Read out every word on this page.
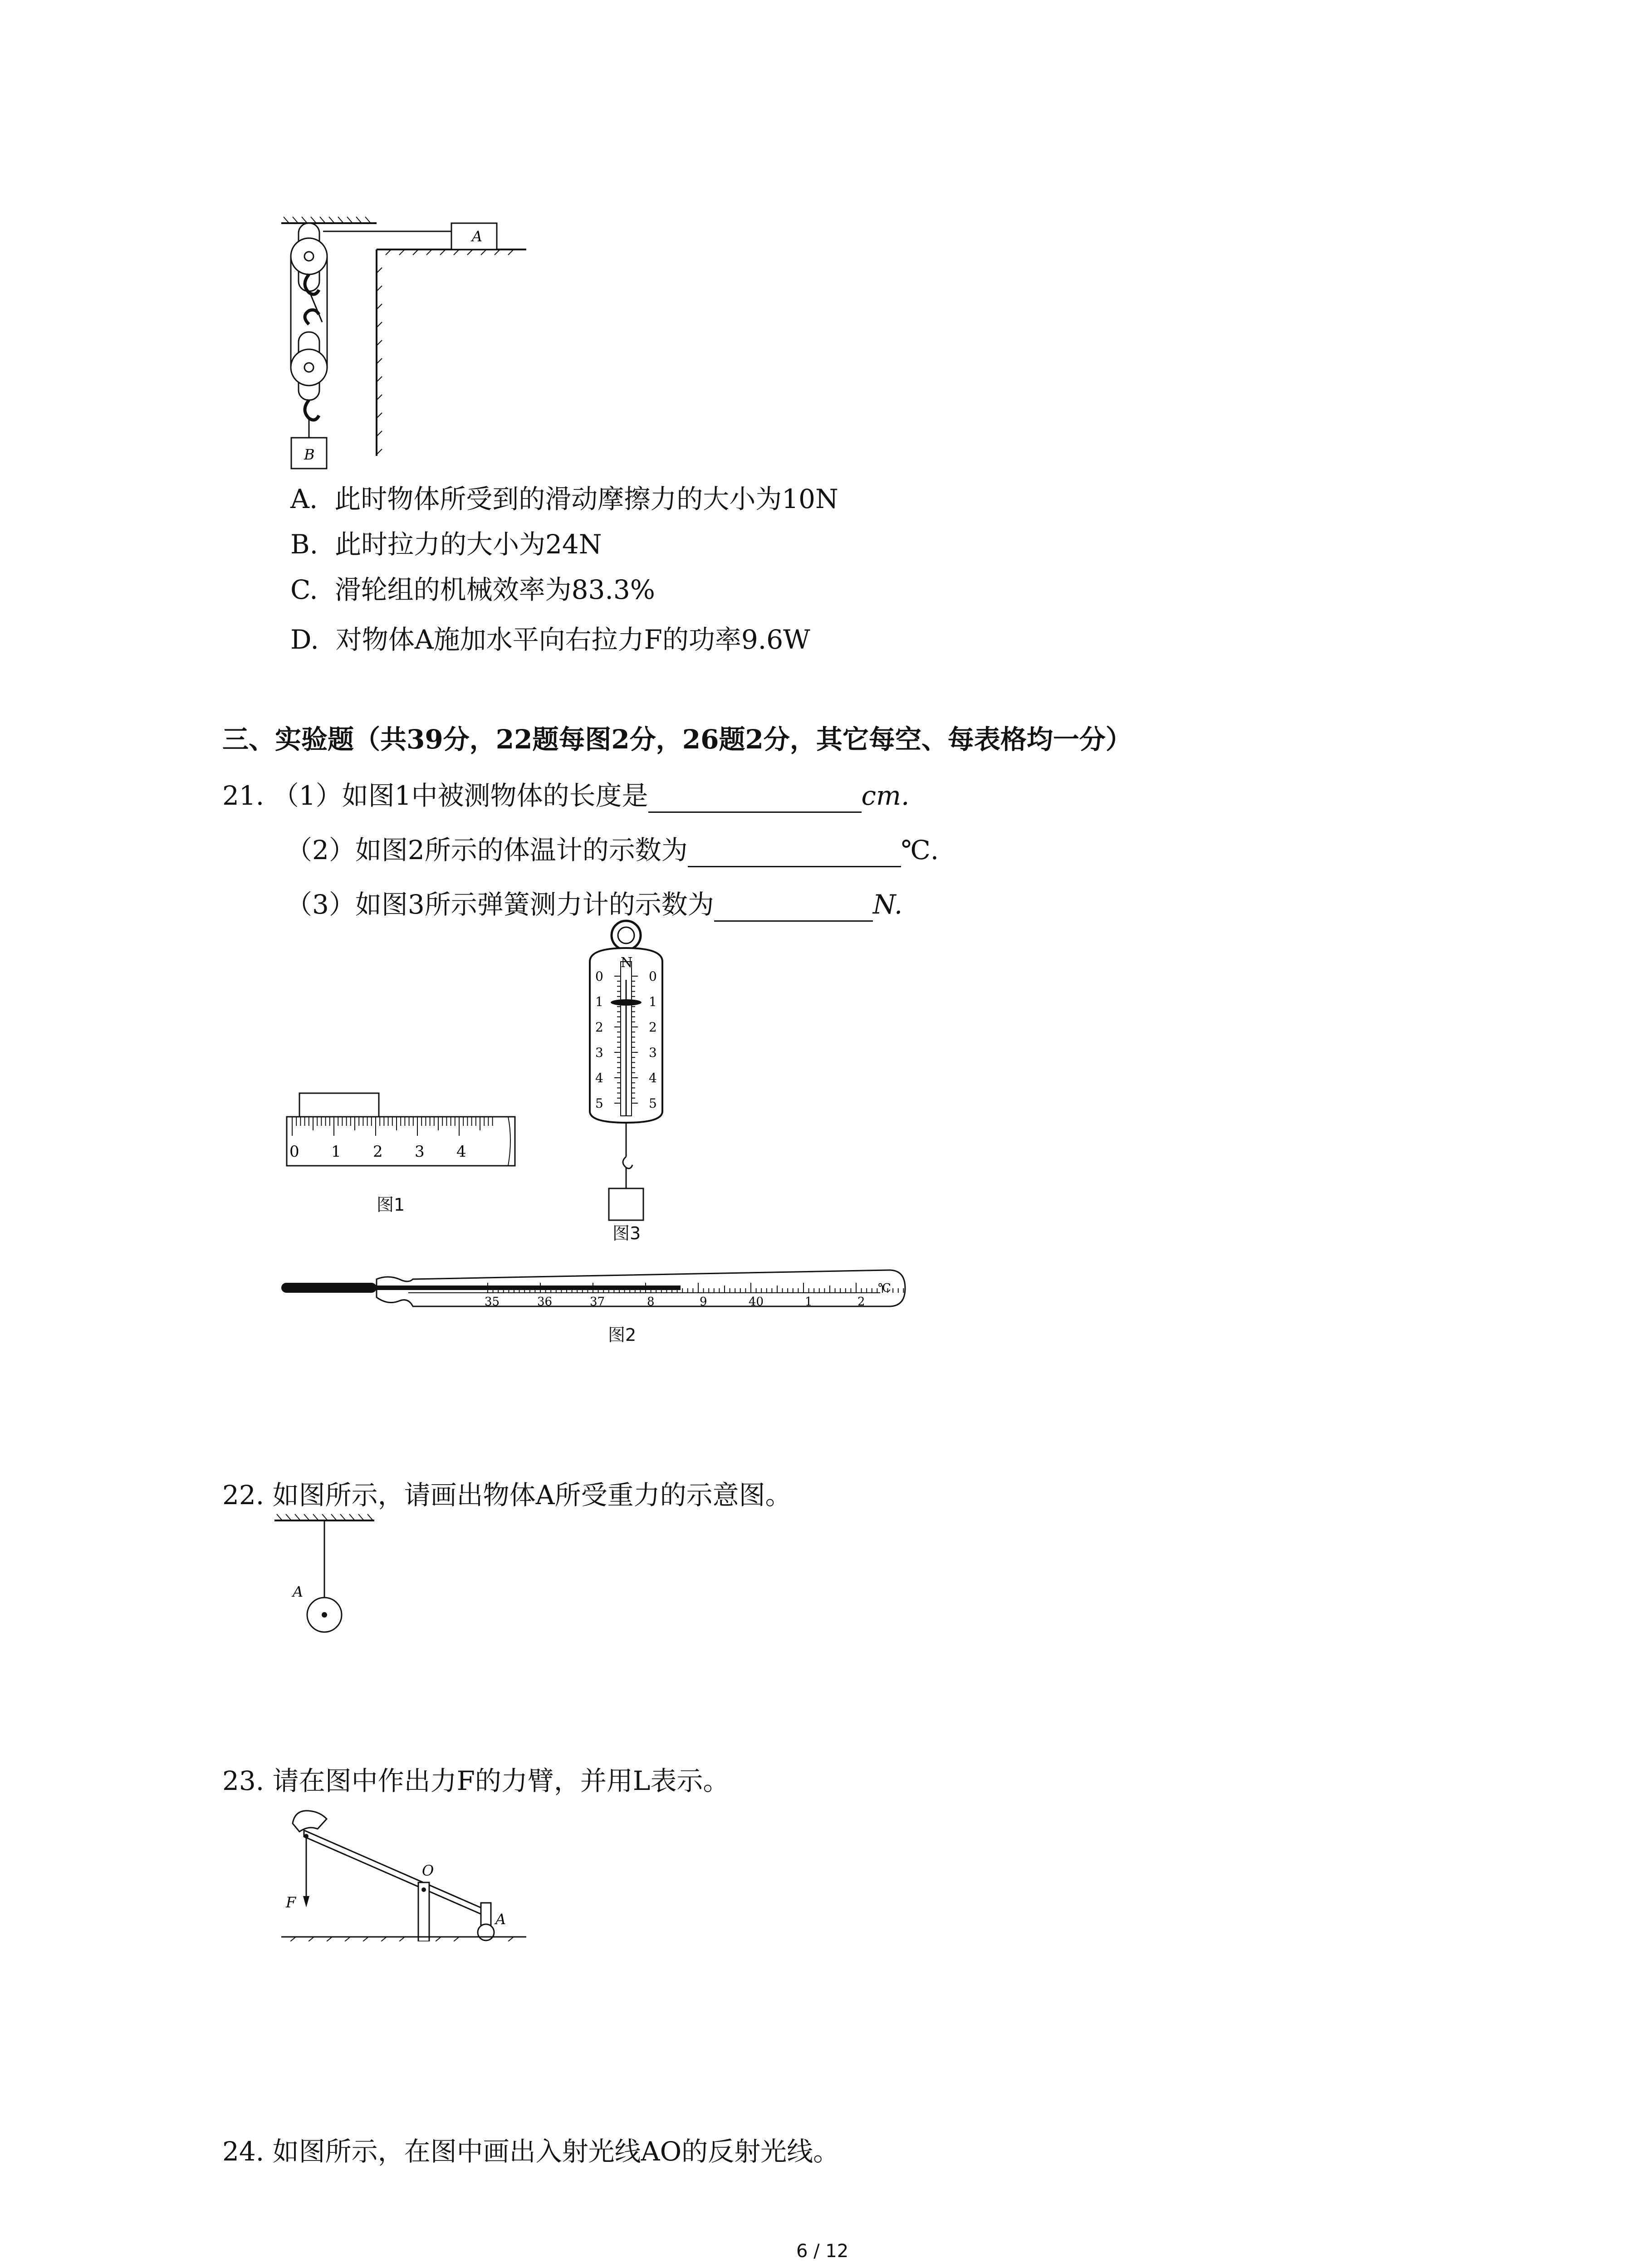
A
B
A. 此时物体所受到的滑动摩擦力的大小为10N
B. 此时拉力的大小为24N
C. 滑轮组的机械效率为83.3%
D. 对物体A施加水平向右拉力F的功率9.6W
三、实验题（共39分，22题每图2分，26题2分，其它每空、每表格均一分）
21. （1）如图1中被测物体的长度是	cm.
（2）如图2所示的体温计的示数为	℃.
（3）如图3所示弹簧测力计的示数为	N.
0 1 2 3 4
图1
N
0
1
2
3
4
5
0
1
2
3
4
5
图3
35	36	37	8	9	40	1	2
℃
图2
22. 如图所示，请画出物体A所受重力的示意图。
A
23. 请在图中作出力F的力臂，并用L表示。
O
F
A
24. 如图所示，在图中画出入射光线AO的反射光线。
6 / 12
